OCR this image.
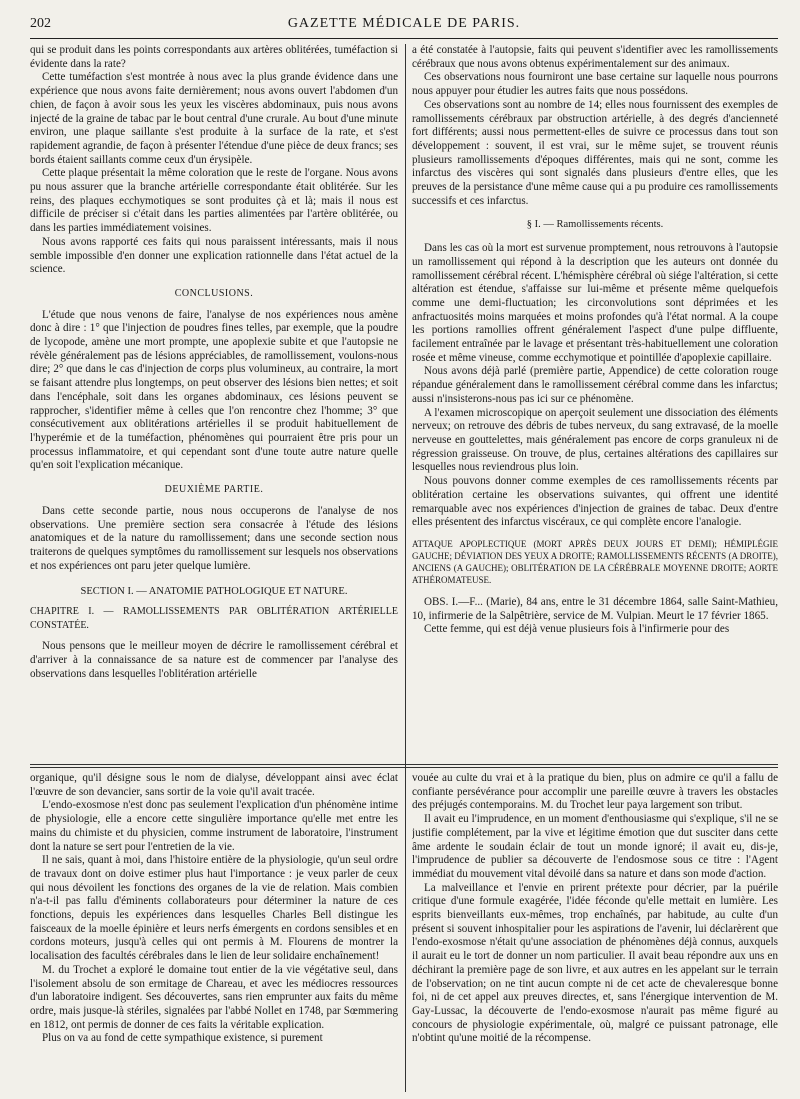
202	GAZETTE MÉDICALE DE PARIS.

qui se produit dans les points correspondants aux artères oblitérées, tuméfaction si évidente dans la rate?

Cette tuméfaction s'est montrée à nous avec la plus grande évidence dans une expérience que nous avons faite dernièrement; nous avons ouvert l'abdomen d'un chien, de façon à avoir sous les yeux les viscères abdominaux, puis nous avons injecté de la graine de tabac par le bout central d'une crurale. Au bout d'une minute environ, une plaque saillante s'est produite à la surface de la rate, et s'est rapidement agrandie, de façon à présenter l'étendue d'une pièce de deux francs; ses bords étaient saillants comme ceux d'un érysipèle.

Cette plaque présentait la même coloration que le reste de l'organe. Nous avons pu nous assurer que la branche artérielle correspondante était oblitérée. Sur les reins, des plaques ecchymotiques se sont produites çà et là; mais il nous est difficile de préciser si c'était dans les parties alimentées par l'artère oblitérée, ou dans les parties immédiatement voisines.

Nous avons rapporté ces faits qui nous paraissent intéressants, mais il nous semble impossible d'en donner une explication rationnelle dans l'état actuel de la science.

CONCLUSIONS.

L'étude que nous venons de faire, l'analyse de nos expériences nous amène donc à dire : 1° que l'injection de poudres fines telles, par exemple, que la poudre de lycopode, amène une mort prompte, une apoplexie subite et que l'autopsie ne révèle généralement pas de lésions appréciables, de ramollissement, voulons-nous dire; 2° que dans le cas d'injection de corps plus volumineux, au contraire, la mort se faisant attendre plus longtemps, on peut observer des lésions bien nettes; et soit dans l'encéphale, soit dans les organes abdominaux, ces lésions peuvent se rapprocher, s'identifier même à celles que l'on rencontre chez l'homme; 3° que consécutivement aux oblitérations artérielles il se produit habituellement de l'hyperémie et de la tuméfaction, phénomènes qui pourraient être pris pour un processus inflammatoire, et qui cependant sont d'une toute autre nature quelle qu'en soit l'explication mécanique.

DEUXIÈME PARTIE.

Dans cette seconde partie, nous nous occuperons de l'analyse de nos observations. Une première section sera consacrée à l'étude des lésions anatomiques et de la nature du ramollissement; dans une seconde section nous traiterons de quelques symptômes du ramollissement sur lesquels nos observations et nos expériences ont paru jeter quelque lumière.

SECTION I. — ANATOMIE PATHOLOGIQUE ET NATURE.

CHAPITRE I. — RAMOLLISSEMENTS PAR OBLITÉRATION ARTÉRIELLE CONSTATÉE.

Nous pensons que le meilleur moyen de décrire le ramollissement cérébral et d'arriver à la connaissance de sa nature est de commencer par l'analyse des observations dans lesquelles l'oblitération artérielle

a été constatée à l'autopsie, faits qui peuvent s'identifier avec les ramollissements cérébraux que nous avons obtenus expérimentalement sur des animaux.

Ces observations nous fourniront une base certaine sur laquelle nous pourrons nous appuyer pour étudier les autres faits que nous possédons.

Ces observations sont au nombre de 14; elles nous fournissent des exemples de ramollissements cérébraux par obstruction artérielle, à des degrés d'ancienneté fort différents; aussi nous permettent-elles de suivre ce processus dans tout son développement : souvent, il est vrai, sur le même sujet, se trouvent réunis plusieurs ramollissements d'époques différentes, mais qui ne sont, comme les infarctus des viscères qui sont signalés dans plusieurs d'entre elles, que les preuves de la persistance d'une même cause qui a pu produire ces ramollissements successifs et ces infarctus.

§ I. — Ramollissements récents.

Dans les cas où la mort est survenue promptement, nous retrouvons à l'autopsie un ramollissement qui répond à la description que les auteurs ont donnée du ramollissement cérébral récent. L'hémisphère cérébral où siége l'altération, si cette altération est étendue, s'affaisse sur lui-même et présente même quelquefois comme une demi-fluctuation; les circonvolutions sont déprimées et les anfractuosités moins marquées et moins profondes qu'à l'état normal. A la coupe les portions ramollies offrent généralement l'aspect d'une pulpe diffluente, facilement entraînée par le lavage et présentant très-habituellement une coloration rosée et même vineuse, comme ecchymotique et pointillée d'apoplexie capillaire.

Nous avons déjà parlé (première partie, Appendice) de cette coloration rouge répandue généralement dans le ramollissement cérébral comme dans les infarctus; aussi n'insisterons-nous pas ici sur ce phénomène.

A l'examen microscopique on aperçoit seulement une dissociation des éléments nerveux; on retrouve des débris de tubes nerveux, du sang extravasé, de la moelle nerveuse en gouttelettes, mais généralement pas encore de corps granuleux ni de régression graisseuse. On trouve, de plus, certaines altérations des capillaires sur lesquelles nous reviendrous plus loin.

Nous pouvons donner comme exemples de ces ramollissements récents par oblitération certaine les observations suivantes, qui offrent une identité remarquable avec nos expériences d'injection de graines de tabac. Deux d'entre elles présentent des infarctus viscéraux, ce qui complète encore l'analogie.

ATTAQUE APOPLECTIQUE (MORT APRÈS DEUX JOURS ET DEMI); HÉMIPLÉGIE GAUCHE; DÉVIATION DES YEUX A DROITE; RAMOLLISSEMENTS RÉCENTS (A DROITE), ANCIENS (A GAUCHE); OBLITÉRATION DE LA CÉRÉBRALE MOYENNE DROITE; AORTE ATHÉROMATEUSE.

OBS. I.—F... (Marie), 84 ans, entre le 31 décembre 1864, salle Saint-Mathieu, 10, infirmerie de la Salpêtrière, service de M. Vulpian. Meurt le 17 février 1865.

Cette femme, qui est déjà venue plusieurs fois à l'infirmerie pour des

organique, qu'il désigne sous le nom de dialyse, développant ainsi avec éclat l'œuvre de son devancier, sans sortir de la voie qu'il avait tracée.

L'endo-exosmose n'est donc pas seulement l'explication d'un phénomène intime de physiologie, elle a encore cette singulière importance qu'elle met entre les mains du chimiste et du physicien, comme instrument de laboratoire, l'instrument dont la nature se sert pour l'entretien de la vie.

Il ne sais, quant à moi, dans l'histoire entière de la physiologie, qu'un seul ordre de travaux dont on doive estimer plus haut l'importance : je veux parler de ceux qui nous dévoilent les fonctions des organes de la vie de relation. Mais combien n'a-t-il pas fallu d'éminents collaborateurs pour déterminer la nature de ces fonctions, depuis les expériences dans lesquelles Charles Bell distingue les faisceaux de la moelle épinière et leurs nerfs émergents en cordons sensibles et en cordons moteurs, jusqu'à celles qui ont permis à M. Flourens de montrer la localisation des facultés cérébrales dans le lien de leur solidaire enchaînement!

M. du Trochet a exploré le domaine tout entier de la vie végétative seul, dans l'isolement absolu de son ermitage de Chareau, et avec les médiocres ressources d'un laboratoire indigent. Ses découvertes, sans rien emprunter aux faits du même ordre, mais jusque-là stériles, signalées par l'abbé Nollet en 1748, par Sœmmering en 1812, ont permis de donner de ces faits la véritable explication.

Plus on va au fond de cette sympathique existence, si purement

vouée au culte du vrai et à la pratique du bien, plus on admire ce qu'il a fallu de confiante persévérance pour accomplir une pareille œuvre à travers les obstacles des préjugés contemporains. M. du Trochet leur paya largement son tribut.

Il avait eu l'imprudence, en un moment d'enthousiasme qui s'explique, s'il ne se justifie complétement, par la vive et légitime émotion que dut susciter dans cette âme ardente le soudain éclair de tout un monde ignoré; il avait eu, dis-je, l'imprudence de publier sa découverte de l'endosmose sous ce titre : l'Agent immédiat du mouvement vital dévoilé dans sa nature et dans son mode d'action.

La malveillance et l'envie en prirent prétexte pour décrier, par la puérile critique d'une formule exagérée, l'idée féconde qu'elle mettait en lumière. Les esprits bienveillants eux-mêmes, trop enchaînés, par habitude, au culte d'un présent si souvent inhospitalier pour les aspirations de l'avenir, lui déclarèrent que l'endo-exosmose n'était qu'une association de phénomènes déjà connus, auxquels il aurait eu le tort de donner un nom particulier. Il avait beau répondre aux uns en déchirant la première page de son livre, et aux autres en les appelant sur le terrain de l'observation; on ne tint aucun compte ni de cet acte de chevaleresque bonne foi, ni de cet appel aux preuves directes, et, sans l'énergique intervention de M. Gay-Lussac, la découverte de l'endo-exosmose n'aurait pas même figuré au concours de physiologie expérimentale, où, malgré ce puissant patronage, elle n'obtint qu'une moitié de la récompense.
